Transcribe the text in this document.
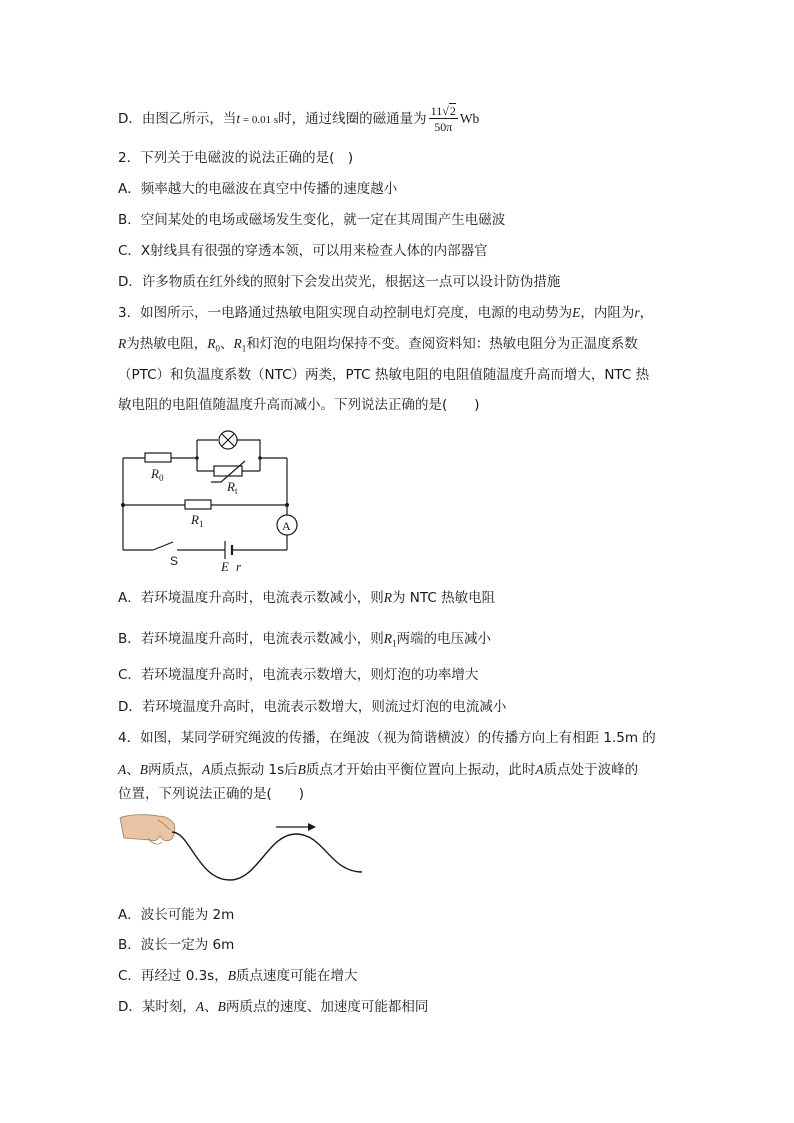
D．由图乙所示，当t = 0.01 s时，通过线圈的磁通量为 $\frac{11√2}{50\pi}$ Wb
2．下列关于电磁波的说法正确的是(　)
A．频率越大的电磁波在真空中传播的速度越小
B．空间某处的电场或磁场发生变化，就一定在其周围产生电磁波
C．X射线具有很强的穿透本领，可以用来检查人体的内部器官
D．许多物质在红外线的照射下会发出荧光，根据这一点可以设计防伪措施
3．如图所示，一电路通过热敏电阻实现自动控制电灯亮度，电源的电动势为E，内阻为r，
R为热敏电阻，$R_0$、$R_1$和灯泡的电阻均保持不变。查阅资料知：热敏电阻分为正温度系数
（PTC）和负温度系数（NTC）两类，PTC 热敏电阻的电阻值随温度升高而增大，NTC 热
敏电阻的电阻值随温度升高而减小。下列说法正确的是(　　)
$R_0$
$R_t$
$R_1$	A
S	E r
A．若环境温度升高时，电流表示数减小，则R为 NTC 热敏电阻
B．若环境温度升高时，电流表示数减小，则$R_1$两端的电压减小
C．若环境温度升高时，电流表示数增大，则灯泡的功率增大
D．若环境温度升高时，电流表示数增大，则流过灯泡的电流减小
4．如图，某同学研究绳波的传播，在绳波（视为简谐横波）的传播方向上有相距 1.5m 的
A、B两质点，A质点振动 1s后B质点才开始由平衡位置向上振动，此时A质点处于波峰的
位置，下列说法正确的是(　　)
A．波长可能为 2m
B．波长一定为 6m
C．再经过 0.3s，B质点速度可能在增大
D．某时刻，A、B两质点的速度、加速度可能都相同
